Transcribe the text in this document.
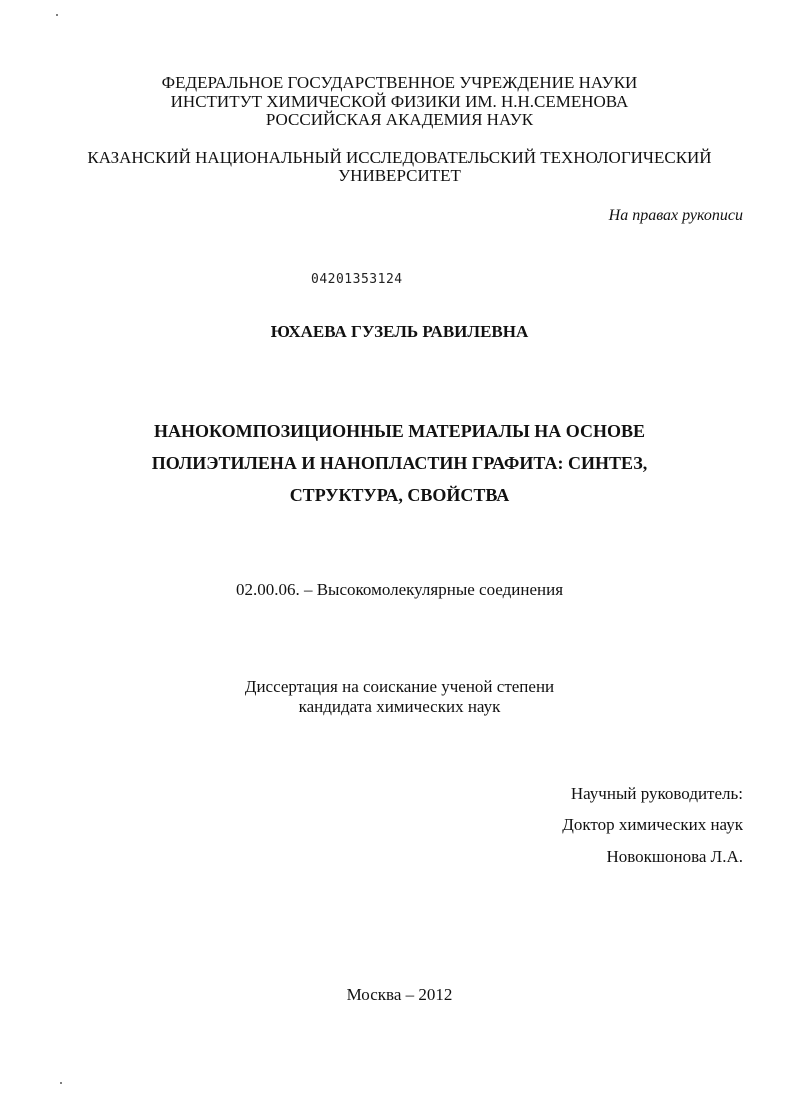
ФЕДЕРАЛЬНОЕ ГОСУДАРСТВЕННОЕ УЧРЕЖДЕНИЕ НАУКИ
ИНСТИТУТ ХИМИЧЕСКОЙ ФИЗИКИ ИМ. Н.Н.СЕМЕНОВА
РОССИЙСКАЯ АКАДЕМИЯ НАУК
КАЗАНСКИЙ НАЦИОНАЛЬНЫЙ ИССЛЕДОВАТЕЛЬСКИЙ ТЕХНОЛОГИЧЕСКИЙ
УНИВЕРСИТЕТ
На правах рукописи
04201353124
ЮХАЕВА ГУЗЕЛЬ РАВИЛЕВНА
НАНОКОМПОЗИЦИОННЫЕ МАТЕРИАЛЫ НА ОСНОВЕ
ПОЛИЭТИЛЕНА И НАНОПЛАСТИН ГРАФИТА: СИНТЕЗ,
СТРУКТУРА, СВОЙСТВА
02.00.06. – Высокомолекулярные соединения
Диссертация на соискание ученой степени
кандидата химических наук
Научный руководитель:
Доктор химических наук
Новокшонова Л.А.
Москва – 2012
